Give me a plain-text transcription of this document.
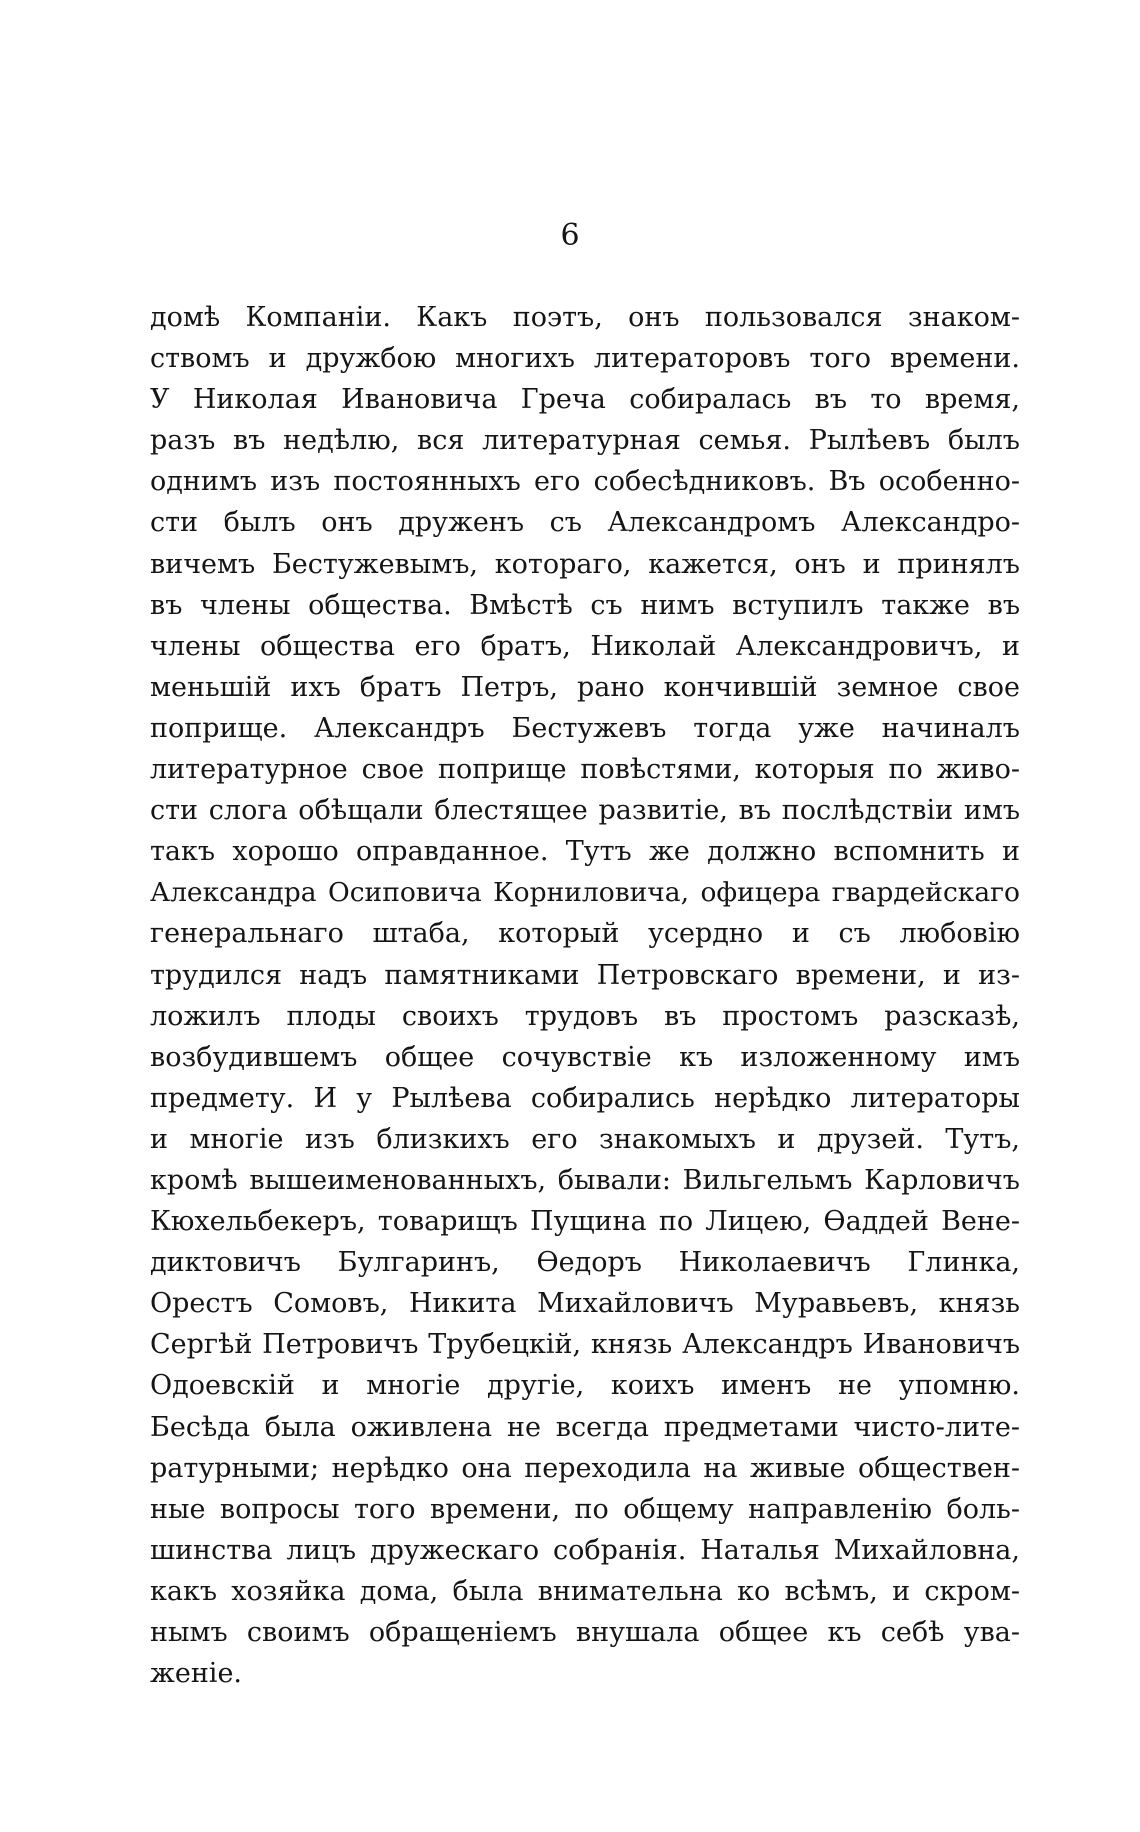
6
домѣ Компаніи. Какъ поэтъ, онъ пользовался знаком-
ствомъ и дружбою многихъ литераторовъ того времени.
У Николая Ивановича Греча собиралась въ то время,
разъ въ недѣлю, вся литературная семья. Рылѣевъ былъ
однимъ изъ постоянныхъ его собесѣдниковъ. Въ особенно-
сти былъ онъ друженъ съ Александромъ Александро-
вичемъ Бестужевымъ, котораго, кажется, онъ и принялъ
въ члены общества. Вмѣстѣ съ нимъ вступилъ также въ
члены общества его братъ, Николай Александровичъ, и
меньшій ихъ братъ Петръ, рано кончившій земное свое
поприще. Александръ Бестужевъ тогда уже начиналъ
литературное свое поприще повѣстями, которыя по живо-
сти слога обѣщали блестящее развитіе, въ послѣдствіи имъ
такъ хорошо оправданное. Тутъ же должно вспомнить и
Александра Осиповича Корниловича, офицера гвардейскаго
генеральнаго штаба, который усердно и съ любовію
трудился надъ памятниками Петровскаго времени, и из-
ложилъ плоды своихъ трудовъ въ простомъ разсказѣ,
возбудившемъ общее сочувствіе къ изложенному имъ
предмету. И у Рылѣева собирались нерѣдко литераторы
и многіе изъ близкихъ его знакомыхъ и друзей. Тутъ,
кромѣ вышеименованныхъ, бывали: Вильгельмъ Карловичъ
Кюхельбекеръ, товарищъ Пущина по Лицею, Ѳаддей Вене-
диктовичъ Булгаринъ, Ѳедоръ Николаевичъ Глинка,
Орестъ Сомовъ, Никита Михайловичъ Муравьевъ, князь
Сергѣй Петровичъ Трубецкій, князь Александръ Ивановичъ
Одоевскій и многіе другіе, коихъ именъ не упомню.
Бесѣда была оживлена не всегда предметами чисто-лите-
ратурными; нерѣдко она переходила на живые обществен-
ные вопросы того времени, по общему направленію боль-
шинства лицъ дружескаго собранія. Наталья Михайловна,
какъ хозяйка дома, была внимательна ко всѣмъ, и скром-
нымъ своимъ обращеніемъ внушала общее къ себѣ ува-
женіе.
